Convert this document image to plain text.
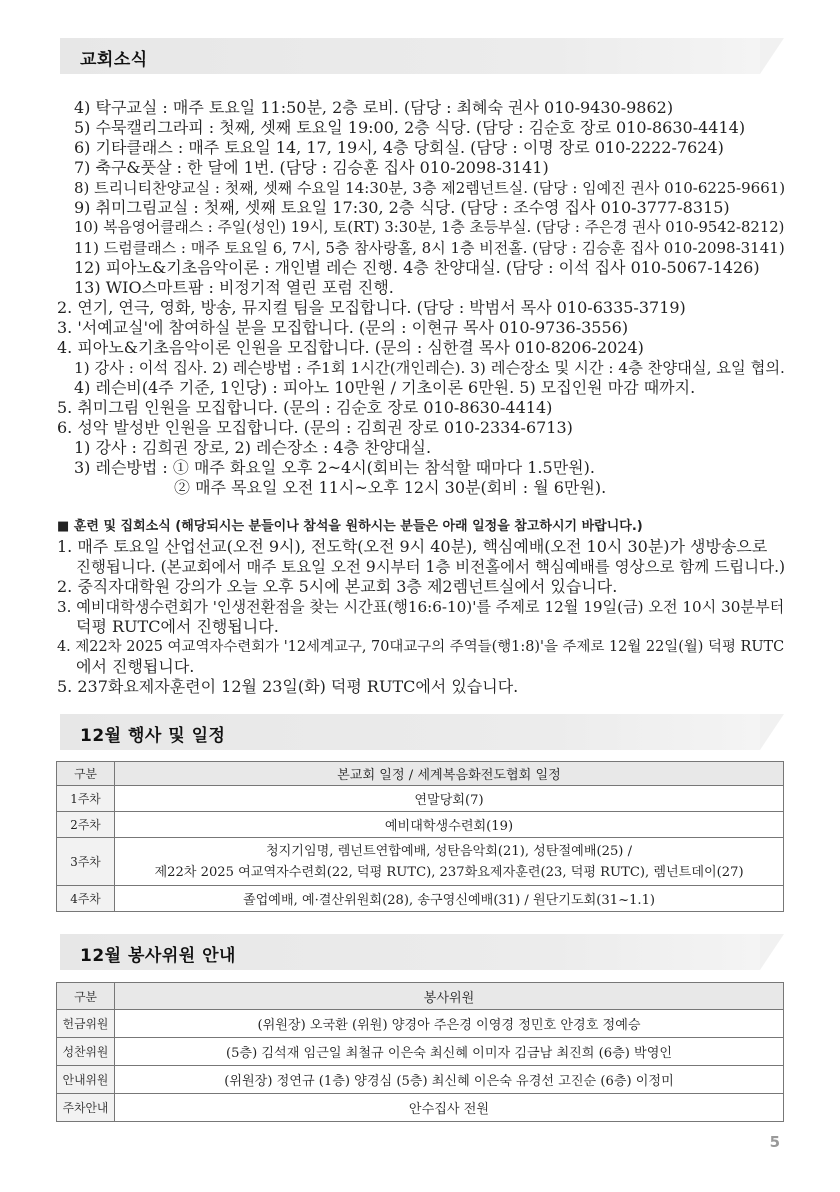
교회소식
4) 탁구교실 : 매주 토요일 11:50분, 2층 로비. (담당 : 최혜숙 권사 010-9430-9862)
5) 수묵캘리그라피 : 첫째, 셋째 토요일 19:00, 2층 식당. (담당 : 김순호 장로 010-8630-4414)
6) 기타클래스 : 매주 토요일 14, 17, 19시, 4층 당회실. (담당 : 이명 장로 010-2222-7624)
7) 축구&풋살 : 한 달에 1번. (담당 : 김승훈 집사 010-2098-3141)
8) 트리니티찬양교실 : 첫째, 셋째 수요일 14:30분, 3층 제2렘넌트실. (담당 : 임예진 권사 010-6225-9661)
9) 취미그림교실 : 첫째, 셋째 토요일 17:30, 2층 식당. (담당 : 조수영 집사 010-3777-8315)
10) 복음영어클래스 : 주일(성인) 19시, 토(RT) 3:30분, 1층 초등부실. (담당 : 주은경 권사 010-9542-8212)
11) 드럼클래스 : 매주 토요일 6, 7시, 5층 참사랑홀, 8시 1층 비전홀. (담당 : 김승훈 집사 010-2098-3141)
12) 피아노&기초음악이론 : 개인별 레슨 진행. 4층 찬양대실. (담당 : 이석 집사 010-5067-1426)
13) WIO스마트팜 : 비정기적 열린 포럼 진행.
2. 연기, 연극, 영화, 방송, 뮤지컬 팀을 모집합니다. (담당 : 박범서 목사 010-6335-3719)
3. '서예교실'에 참여하실 분을 모집합니다. (문의 : 이현규 목사 010-9736-3556)
4. 피아노&기초음악이론 인원을 모집합니다. (문의 : 심한결 목사 010-8206-2024)
1) 강사 : 이석 집사. 2) 레슨방법 : 주1회 1시간(개인레슨). 3) 레슨장소 및 시간 : 4층 찬양대실, 요일 협의.
4) 레슨비(4주 기준, 1인당) : 피아노 10만원 / 기초이론 6만원. 5) 모집인원 마감 때까지.
5. 취미그림 인원을 모집합니다. (문의 : 김순호 장로 010-8630-4414)
6. 성악 발성반 인원을 모집합니다. (문의 : 김희권 장로 010-2334-6713)
1) 강사 : 김희권 장로, 2) 레슨장소 : 4층 찬양대실.
3) 레슨방법 : ① 매주 화요일 오후 2~4시(회비는 참석할 때마다 1.5만원).
② 매주 목요일 오전 11시~오후 12시 30분(회비 : 월 6만원).
■ 훈련 및 집회소식 (해당되시는 분들이나 참석을 원하시는 분들은 아래 일정을 참고하시기 바랍니다.)
1. 매주 토요일 산업선교(오전 9시), 전도학(오전 9시 40분), 핵심예배(오전 10시 30분)가 생방송으로
진행됩니다. (본교회에서 매주 토요일 오전 9시부터 1층 비전홀에서 핵심예배를 영상으로 함께 드립니다.)
2. 중직자대학원 강의가 오늘 오후 5시에 본교회 3층 제2렘넌트실에서 있습니다.
3. 예비대학생수련회가 '인생전환점을 찾는 시간표(행16:6-10)'를 주제로 12월 19일(금) 오전 10시 30분부터
덕평 RUTC에서 진행됩니다.
4. 제22차 2025 여교역자수련회가 '12세계교구, 70대교구의 주역들(행1:8)'을 주제로 12월 22일(월) 덕평 RUTC
에서 진행됩니다.
5. 237화요제자훈련이 12월 23일(화) 덕평 RUTC에서 있습니다.
12월 행사 및 일정
구분	본교회 일정 / 세계복음화전도협회 일정
1주차	연말당회(7)
2주차	예비대학생수련회(19)
3주차	청지기임명, 렘넌트연합예배, 성탄음악회(21), 성탄절예배(25) /
제22차 2025 여교역자수련회(22, 덕평 RUTC), 237화요제자훈련(23, 덕평 RUTC), 렘넌트데이(27)

4주차	졸업예배, 예·결산위원회(28), 송구영신예배(31) / 원단기도회(31~1.1)
12월 봉사위원 안내
구분	봉사위원
헌금위원	(위원장) 오국환 (위원) 양경아 주은경 이영경 정민호 안경호 정예승
성찬위원	(5층) 김석재 임근일 최철규 이은숙 최신혜 이미자 김금남 최진희 (6층) 박영인
안내위원	(위원장) 정연규 (1층) 양경심 (5층) 최신혜 이은숙 유경선 고진순 (6층) 이정미
주차안내	안수집사 전원
5
